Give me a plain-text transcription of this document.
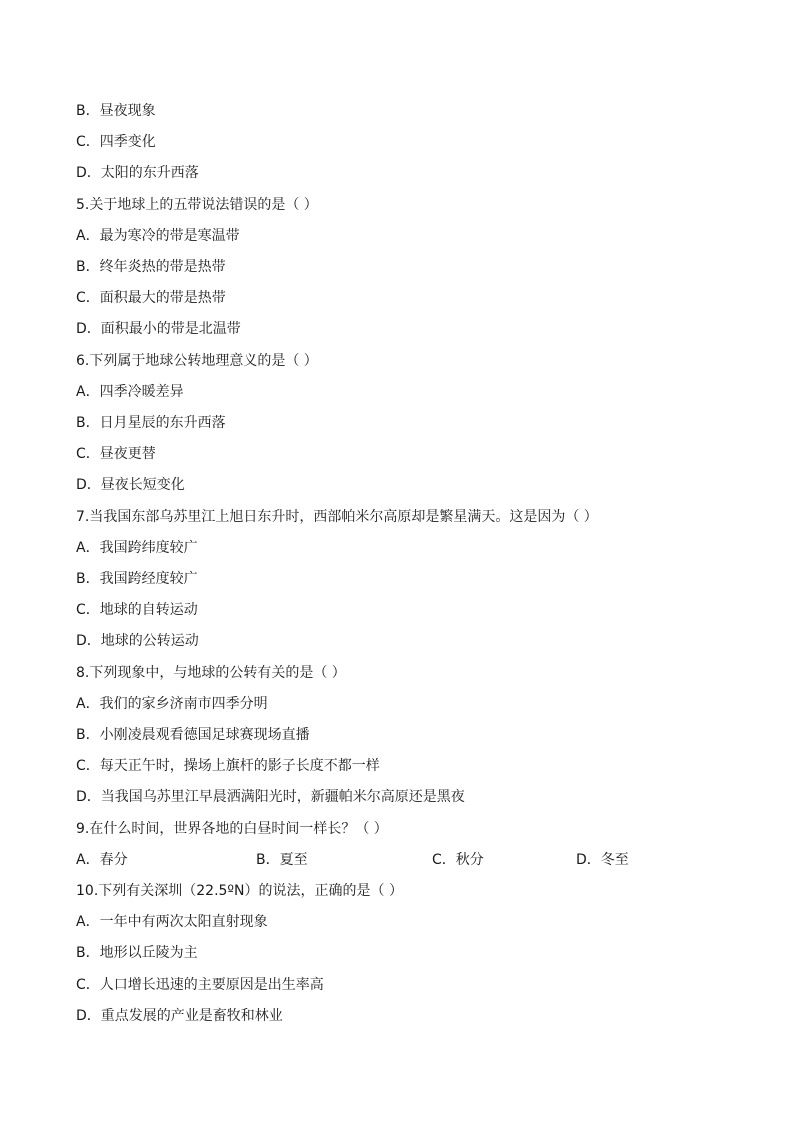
B．昼夜现象
C．四季变化
D．太阳的东升西落
5.关于地球上的五带说法错误的是（ ）
A．最为寒冷的带是寒温带
B．终年炎热的带是热带
C．面积最大的带是热带
D．面积最小的带是北温带
6.下列属于地球公转地理意义的是（ ）
A．四季冷暖差异
B．日月星辰的东升西落
C．昼夜更替
D．昼夜长短变化
7.当我国东部乌苏里江上旭日东升时，西部帕米尔高原却是繁星满天。这是因为（ ）
A．我国跨纬度较广
B．我国跨经度较广
C．地球的自转运动
D．地球的公转运动
8.下列现象中，与地球的公转有关的是（ ）
A．我们的家乡济南市四季分明
B．小刚凌晨观看德国足球赛现场直播
C．每天正午时，操场上旗杆的影子长度不都一样
D．当我国乌苏里江早晨洒满阳光时，新疆帕米尔高原还是黑夜
9.在什么时间，世界各地的白昼时间一样长？（ ）
A．春分	B．夏至	C．秋分	D．冬至
10.下列有关深圳（22.5ºN）的说法，正确的是（ ）
A．一年中有两次太阳直射现象
B．地形以丘陵为主
C．人口增长迅速的主要原因是出生率高
D．重点发展的产业是畜牧和林业
